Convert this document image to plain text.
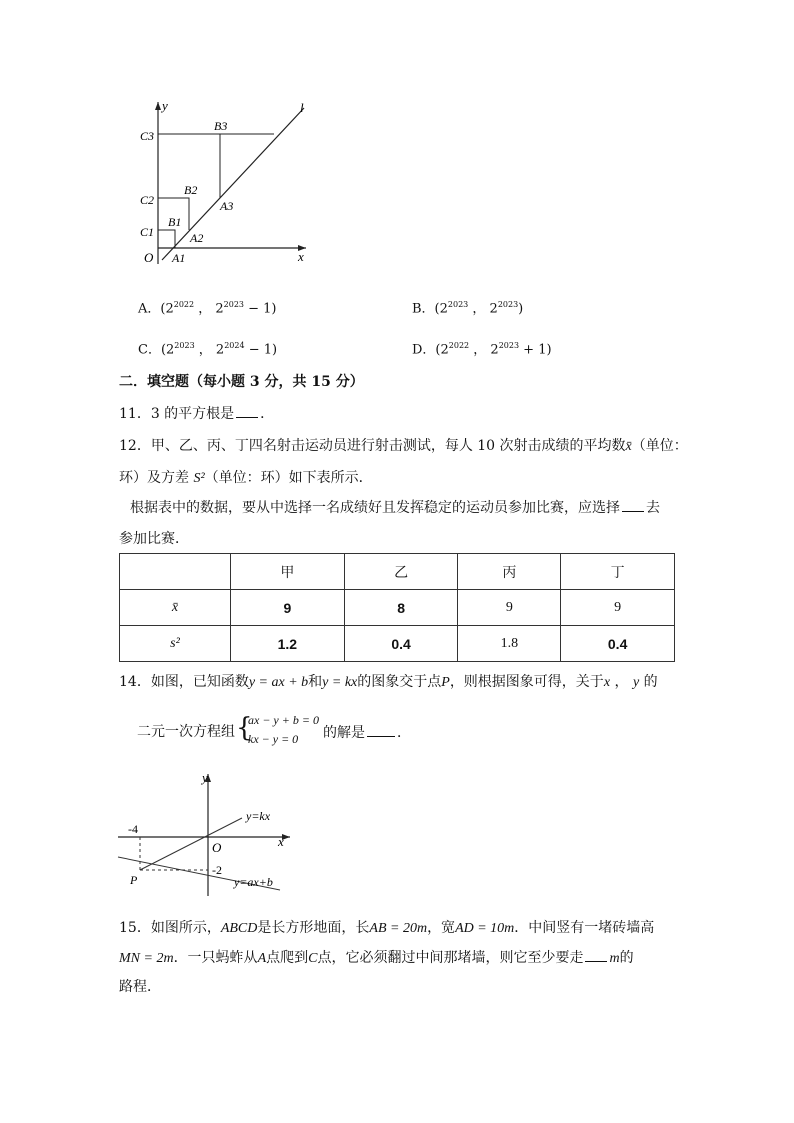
y
x
O
l
C1
C2
C3
B1
B2
B3
A1
A2
A3
A．($2^{2022}$ ， $2^{2023} - 1$)	B．($2^{2023}$ ， $2^{2023}$)
C．($2^{2023}$ ， $2^{2024} - 1$)	D．($2^{2022}$ ， $2^{2023} + 1$)
二．填空题（每小题 3 分，共 15 分）
11．3 的平方根是 ．
12．甲、乙、丙、丁四名射击运动员进行射击测试，每人 10 次射击成绩的平均数x̄（单位：
环）及方差 S²（单位：环）如下表所示．
根据表中的数据，要从中选择一名成绩好且发挥稳定的运动员参加比赛，应选择 去
参加比赛．
	甲	乙	丙	丁
x̄	9	8	9	9
s²	1.2	0.4	1.8	0.4
14．如图，已知函数y = ax + b和y = kx的图象交于点P，则根据图象可得，关于x ， y 的
二元一次方程组 {
ax − y + b = 0
kx − y = 0 的解是 ．
y
x
O
y=kx
y=ax+b
-4
-2
P
15．如图所示，ABCD是长方形地面，长AB = 20m，宽AD = 10m．中间竖有一堵砖墙高
MN = 2m．一只蚂蚱从A点爬到C点，它必须翻过中间那堵墙，则它至少要走 m的
路程．
